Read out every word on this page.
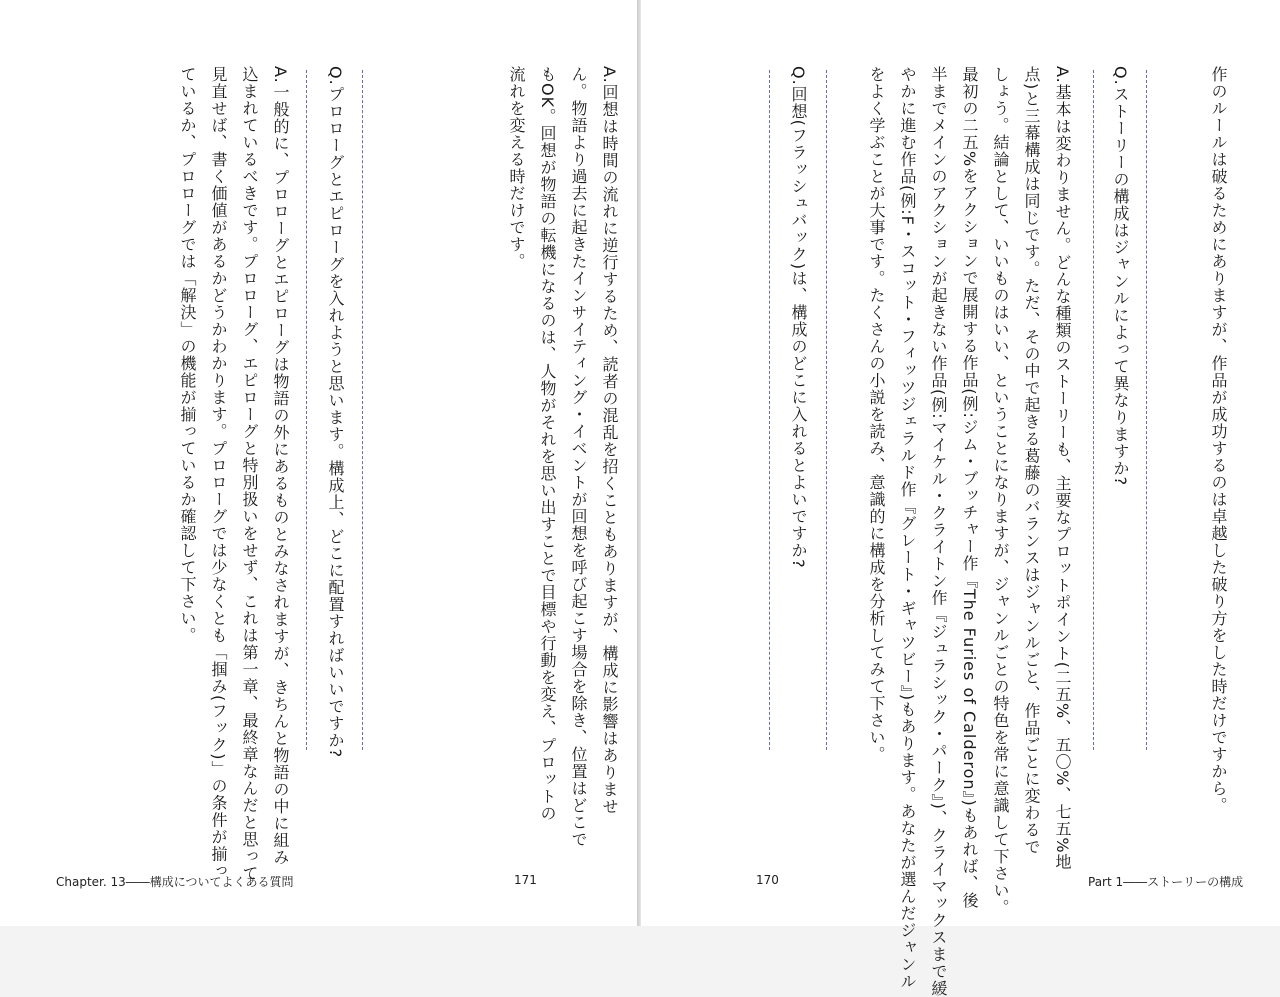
A.回想は時間の流れに逆行するため、読者の混乱を招くこともありますが、構成に影響はありませ
ん。物語より過去に起きたインサイティング・イベントが回想を呼び起こす場合を除き、位置はどこで
もOK。回想が物語の転機になるのは、人物がそれを思い出すことで目標や行動を変え、プロットの
流れを変える時だけです。
Q.プロローグとエピローグを入れようと思います。構成上、どこに配置すればいいですか?
A.一般的に、プロローグとエピローグは物語の外にあるものとみなされますが、きちんと物語の中に組み
込まれているべきです。プロローグ、エピローグと特別扱いをせず、これは第一章、最終章なんだと思って
見直せば、書く価値があるかどうかわかります。プロローグでは少なくとも「掴み(フック)」の条件が揃っ
ているか、プロローグでは「解決」の機能が揃っているか確認して下さい。
Chapter. 13――構成についてよくある質問	171
作のルールは破るためにありますが、作品が成功するのは卓越した破り方をした時だけですから。
Q.ストーリーの構成はジャンルによって異なりますか?
A.基本は変わりません。どんな種類のストーリーも、主要なプロットポイント(二五%、五〇%、七五%地
点)と三幕構成は同じです。ただ、その中で起きる葛藤のバランスはジャンルごと、作品ごとに変わるで
しょう。結論として、いいものはいい、ということになりますが、ジャンルごとの特色を常に意識して下さい。
最初の二五%をアクションで展開する作品(例:ジム・ブッチャー作『The Furies of Calderon』)もあれば、後
半までメインのアクションが起きない作品(例:マイケル・クライトン作『ジュラシック・パーク』)、クライマックスまで緩
やかに進む作品(例:F・スコット・フィッツジェラルド作『グレート・ギャツビー』)もあります。あなたが選んだジャンル
をよく学ぶことが大事です。たくさんの小説を読み、意識的に構成を分析してみて下さい。
Q.回想(フラッシュバック)は、構成のどこに入れるとよいですか?
170	Part 1――ストーリーの構成
